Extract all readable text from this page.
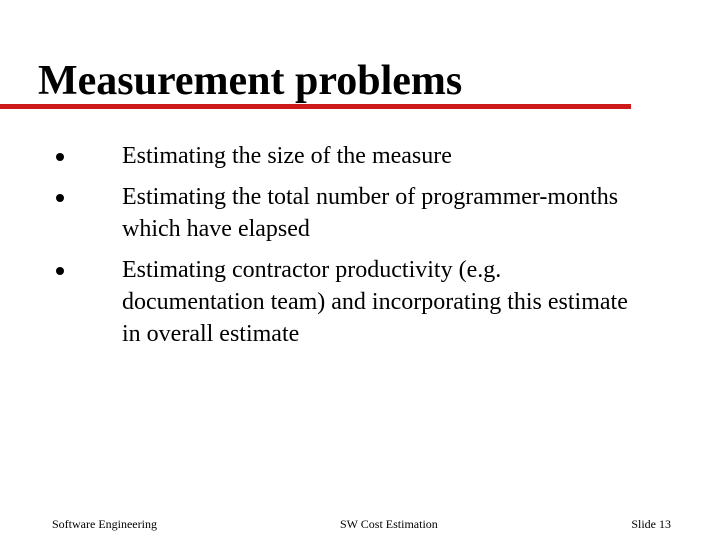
Measurement problems
Estimating the size of the measure
Estimating the total number of programmer-months which have elapsed
Estimating contractor productivity (e.g. documentation team) and incorporating this estimate in overall estimate
Software Engineering	SW Cost Estimation	Slide 13
